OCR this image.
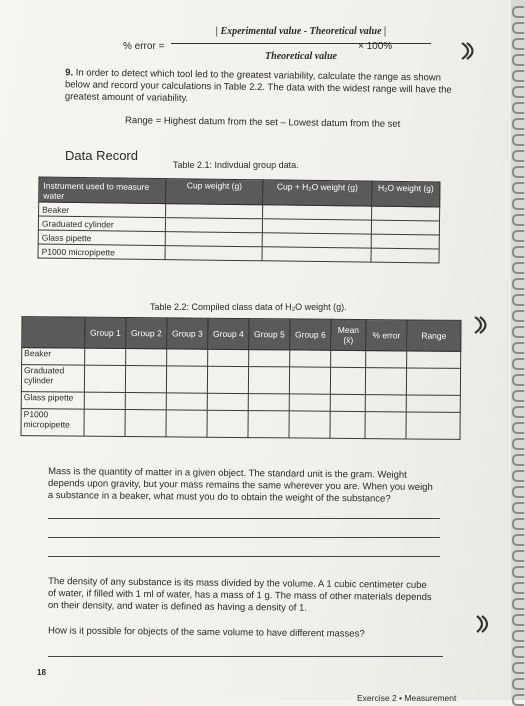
% error =
| Experimental value - Theoretical value |
Theoretical value
× 100%
9. In order to detect which tool led to the greatest variability, calculate the range as shown below and record your calculations in Table 2.2. The data with the widest range will have the greatest amount of variability.
Range = Highest datum from the set – Lowest datum from the set
Data Record
Table 2.1: Indivdual group data.
Instrument used to measure water	Cup weight (g)	Cup + H₂O weight (g)	H₂O weight (g)
Beaker			
Graduated cylinder			
Glass pipette			
P1000 micropipette			
Table 2.2: Compiled class data of H₂O weight (g).
	Group 1	Group 2	Group 3	Group 4	Group 5	Group 6	Mean (x̄)	% error	Range
Beaker									
Graduated cylinder									
Glass pipette									
P1000 micropipette									
Mass is the quantity of matter in a given object. The standard unit is the gram. Weight depends upon gravity, but your mass remains the same wherever you are. When you weigh a substance in a beaker, what must you do to obtain the weight of the substance?
The density of any substance is its mass divided by the volume. A 1 cubic centimeter cube of water, if filled with 1 ml of water, has a mass of 1 g. The mass of other materials depends on their density, and water is defined as having a density of 1.
How is it possible for objects of the same volume to have different masses?
18
Exercise 2 • Measurement
